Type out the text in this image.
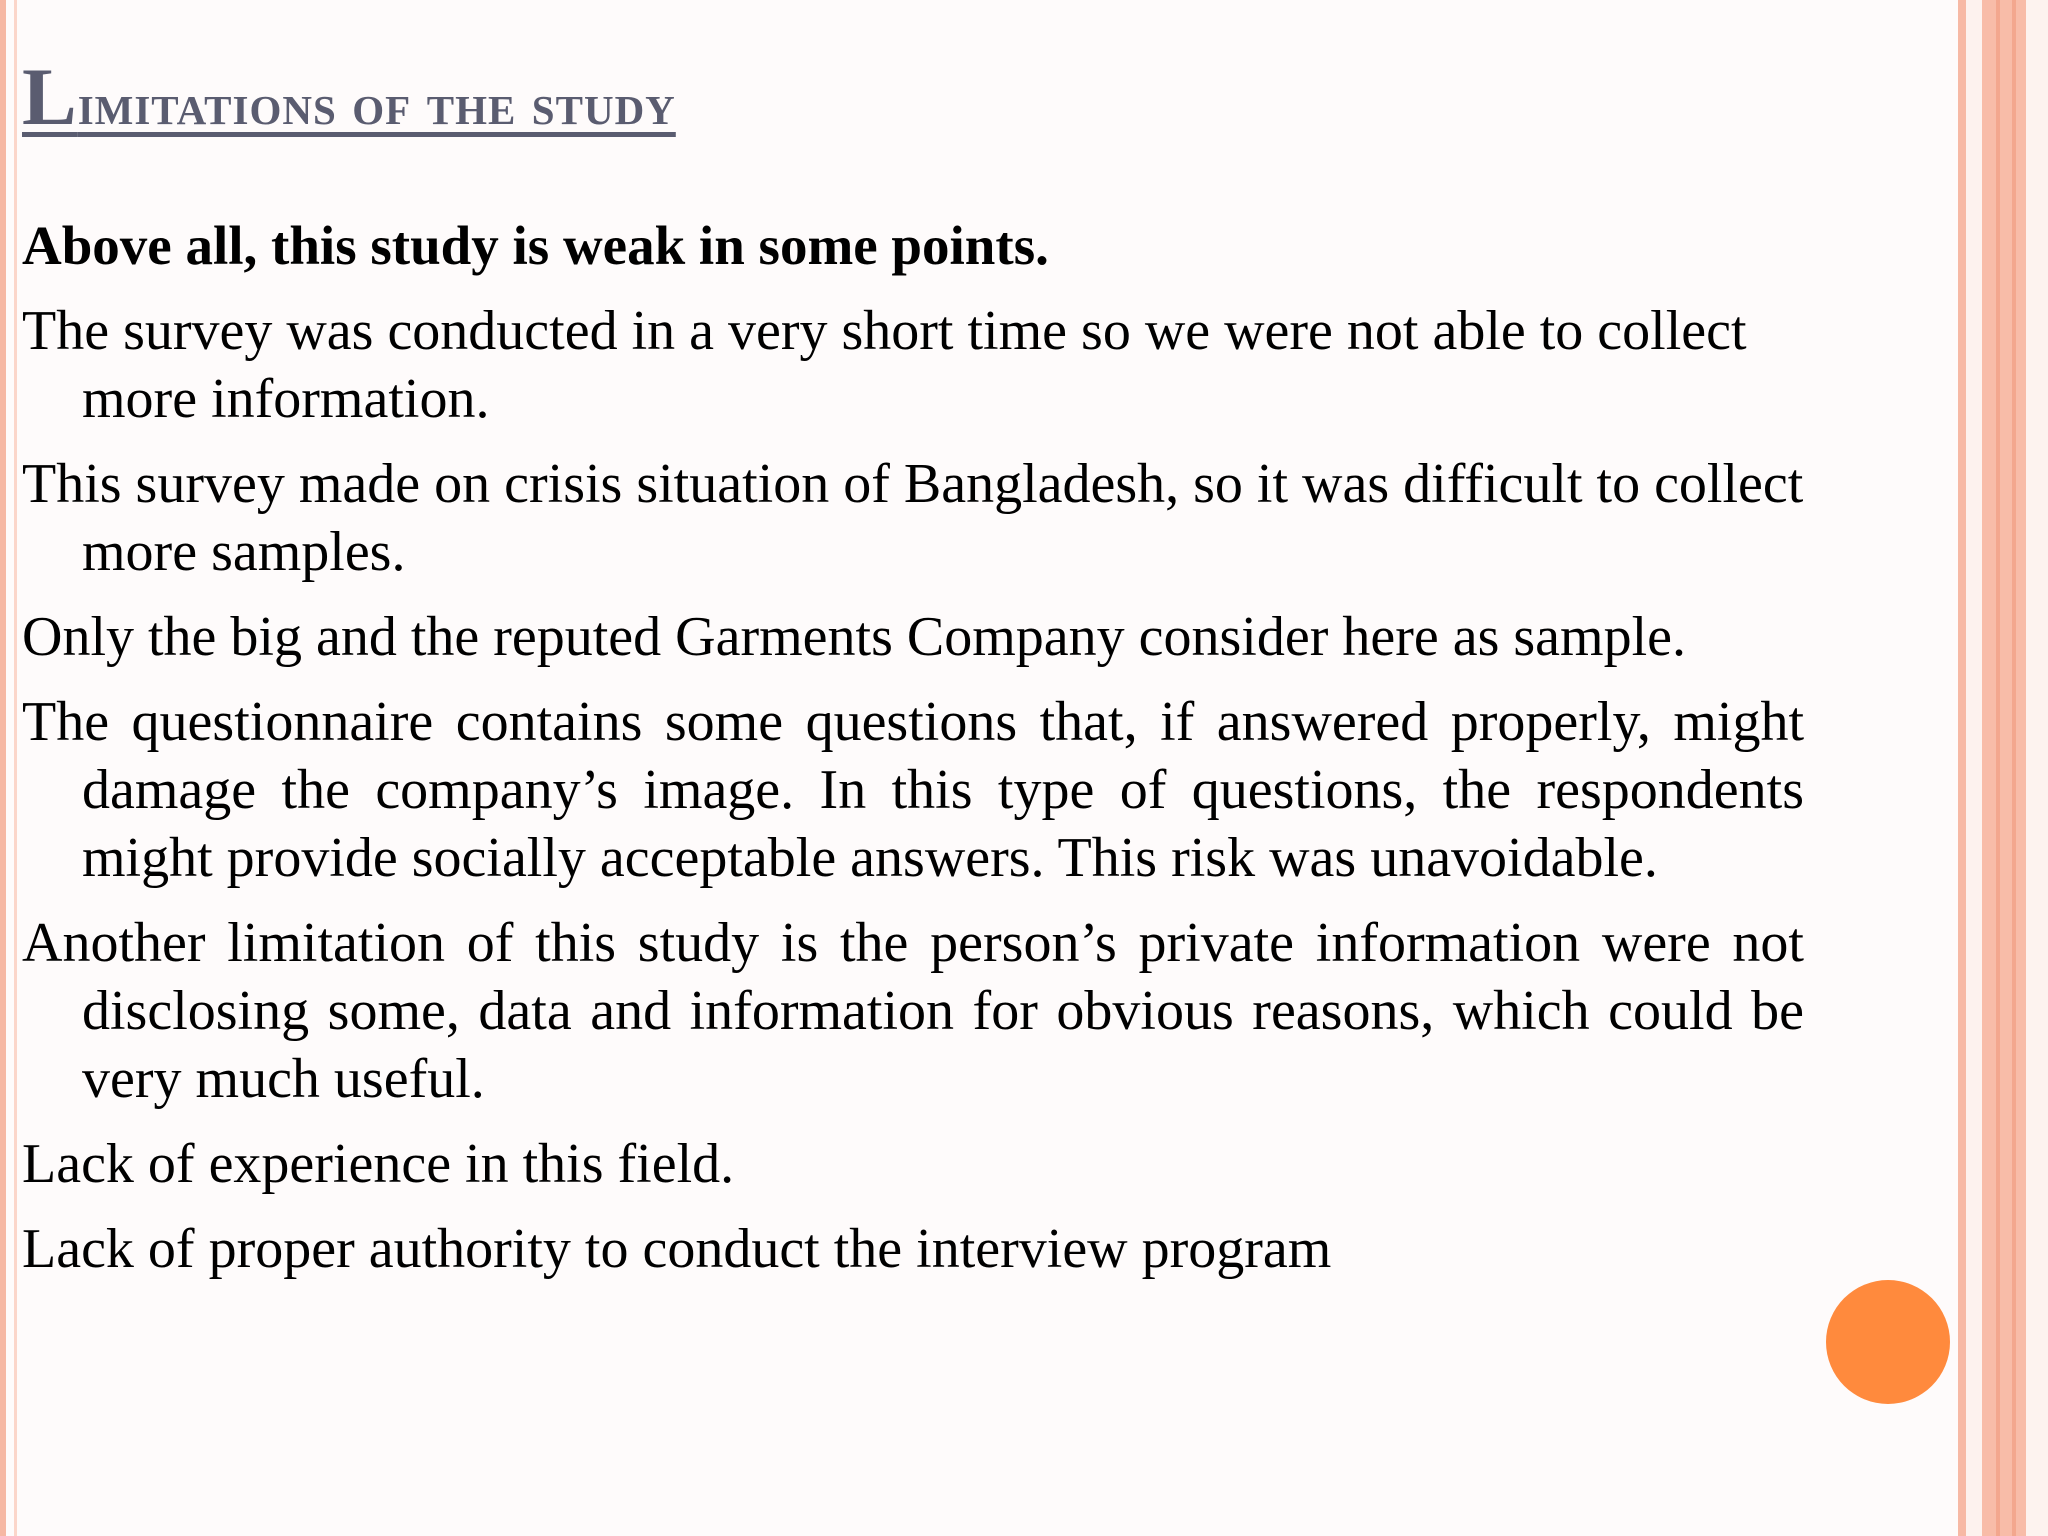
Limitations of the study

Above all, this study is weak in some points.

The survey was conducted in a very short time so we were not able to collect more information.

This survey made on crisis situation of Bangladesh, so it was difficult to collect more samples.

Only the big and the reputed Garments Company consider here as sample.

The questionnaire contains some questions that, if answered properly, might damage the company’s image. In this type of questions, the respondents might provide socially acceptable answers. This risk was unavoidable.

Another limitation of this study is the person’s private information were not disclosing some, data and information for obvious reasons, which could be very much useful.

Lack of experience in this field.

Lack of proper authority to conduct the interview program
